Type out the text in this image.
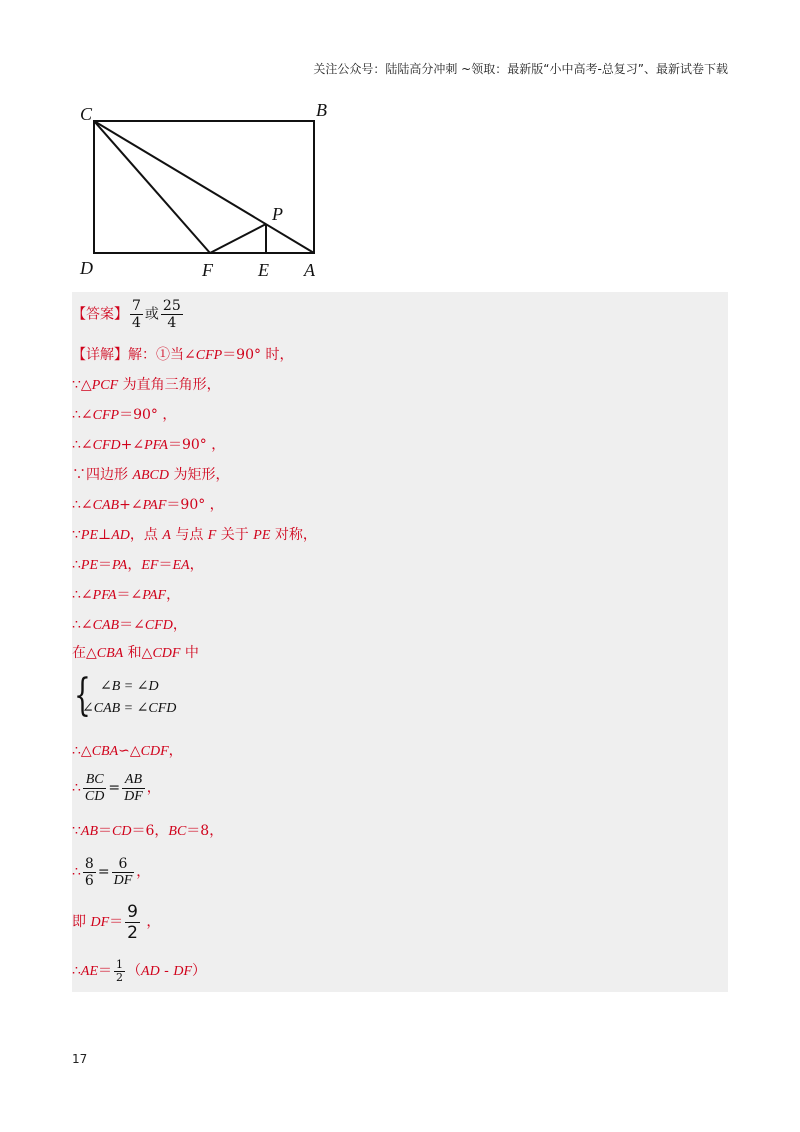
关注公众号：陆陆高分冲刺 ~领取：最新版“小中高考-总复习”、最新试卷下载
C	B
D	F	E A
P
【答案】 $\frac{7}{4}$ 或 $\frac{25}{4}$
【详解】解：①当∠CFP＝90° 时，
∵△PCF 为直角三角形，
∴∠CFP＝90° ，
∴∠CFD+∠PFA＝90° ，
∵四边形 ABCD 为矩形，
∴∠CAB+∠PAF＝90° ，
∵PE⊥AD，点 A 与点 F 关于 PE 对称，
∴PE＝PA，EF＝EA，
∴∠PFA＝∠PAF，
∴∠CAB＝∠CFD，
在△CBA 和△CDF 中
{ ∠B = ∠D
∠CAB = ∠CFD
∴△CBA∽△CDF，
∴ $\frac{BC}{CD} = \frac{AB}{DF}$ ，
∵AB＝CD＝6，BC＝8，
∴ $\frac{8}{6} = \frac{6}{DF}$ ，
即 $DF= \frac{9}{2}$ ，
∴AE＝ $\frac{1}{2} (AD - DF)$
17
